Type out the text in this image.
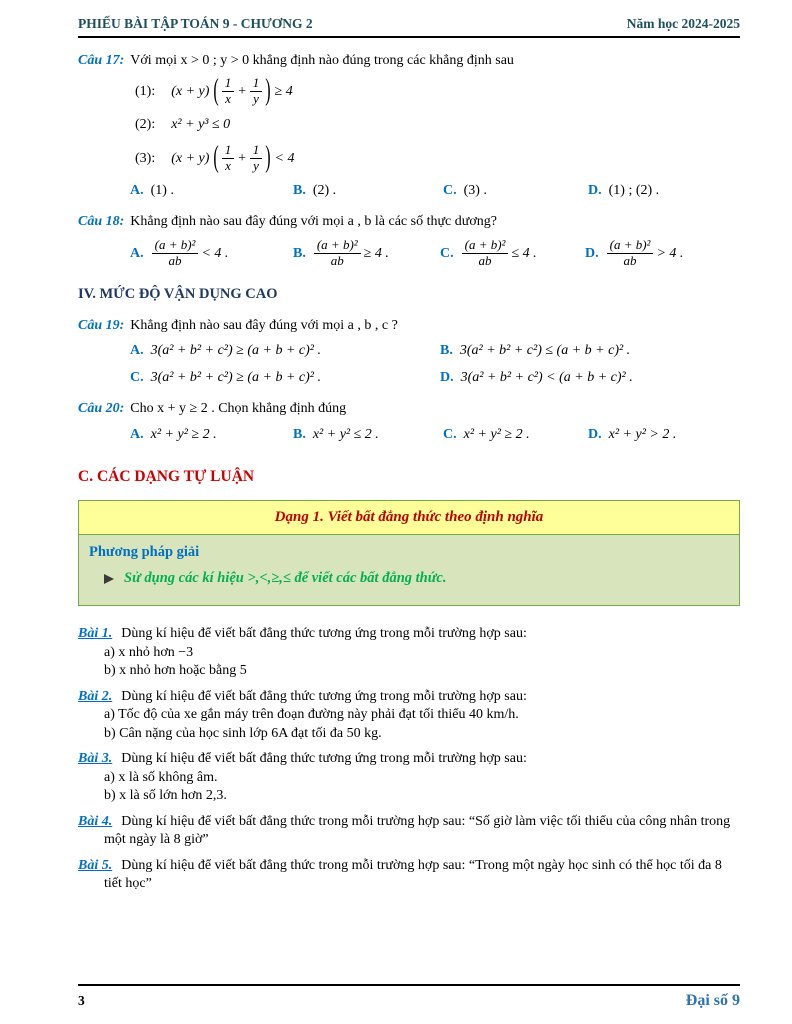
PHIẾU BÀI TẬP TOÁN 9 - CHƯƠNG 2	Năm học 2024-2025
Câu 17: Với mọi x > 0 ; y > 0 khẳng định nào đúng trong các khẳng định sau
(1): (x + y) ( $\frac{1}{x} + \frac{1}{y}$ ) ≥ 4
(2): x² + y³ ≤ 0
(3): (x + y) ( $\frac{1}{x} + \frac{1}{y}$ ) < 4
A. (1) .	B. (2) .	C. (3) .	D. (1) ; (2) .
Câu 18: Khẳng định nào sau đây đúng với mọi a , b là các số thực dương?
A. $\frac{\text{(a + b)²}}{ab} < 4$ .	B. $\frac{\text{(a + b)²}}{ab} \ge 4$ .	C. $\frac{\text{(a + b)²}}{ab} \le 4$ .	D. $\frac{\text{(a + b)²}}{ab} > 4$ .
IV. MỨC ĐỘ VẬN DỤNG CAO
Câu 19: Khẳng định nào sau đây đúng với mọi a , b , c ?
A. 3(a² + b² + c²) ≥ (a + b + c)² .	B. 3(a² + b² + c²) ≤ (a + b + c)² .
C. 3(a² + b² + c²) ≥ (a + b + c)² .	D. 3(a² + b² + c²) < (a + b + c)² .
Câu 20: Cho x + y ≥ 2 . Chọn khẳng định đúng
A. x² + y² ≥ 2 .	B. x² + y² ≤ 2 .	C. x² + y² ≥ 2 .	D. x² + y² > 2 .
C. CÁC DẠNG TỰ LUẬN
Dạng 1. Viết bất đẳng thức theo định nghĩa
Phương pháp giải
Sử dụng các kí hiệu >,<,≥,≤ để viết các bất đẳng thức.
Bài 1. Dùng kí hiệu để viết bất đẳng thức tương ứng trong mỗi trường hợp sau:
a) x nhỏ hơn −3
b) x nhỏ hơn hoặc bằng 5
Bài 2. Dùng kí hiệu để viết bất đẳng thức tương ứng trong mỗi trường hợp sau:
a) Tốc độ của xe gắn máy trên đoạn đường này phải đạt tối thiểu 40 km/h.
b) Cân nặng của học sinh lớp 6A đạt tối đa 50 kg.
Bài 3. Dùng kí hiệu để viết bất đẳng thức tương ứng trong mỗi trường hợp sau:
a) x là số không âm.
b) x là số lớn hơn 2,3.
Bài 4. Dùng kí hiệu để viết bất đẳng thức trong mỗi trường hợp sau: “Số giờ làm việc tối thiểu của công nhân trong một ngày là 8 giờ”
Bài 5. Dùng kí hiệu để viết bất đẳng thức trong mỗi trường hợp sau: “Trong một ngày học sinh có thể học tối đa 8 tiết học”
3	Đại số 9
